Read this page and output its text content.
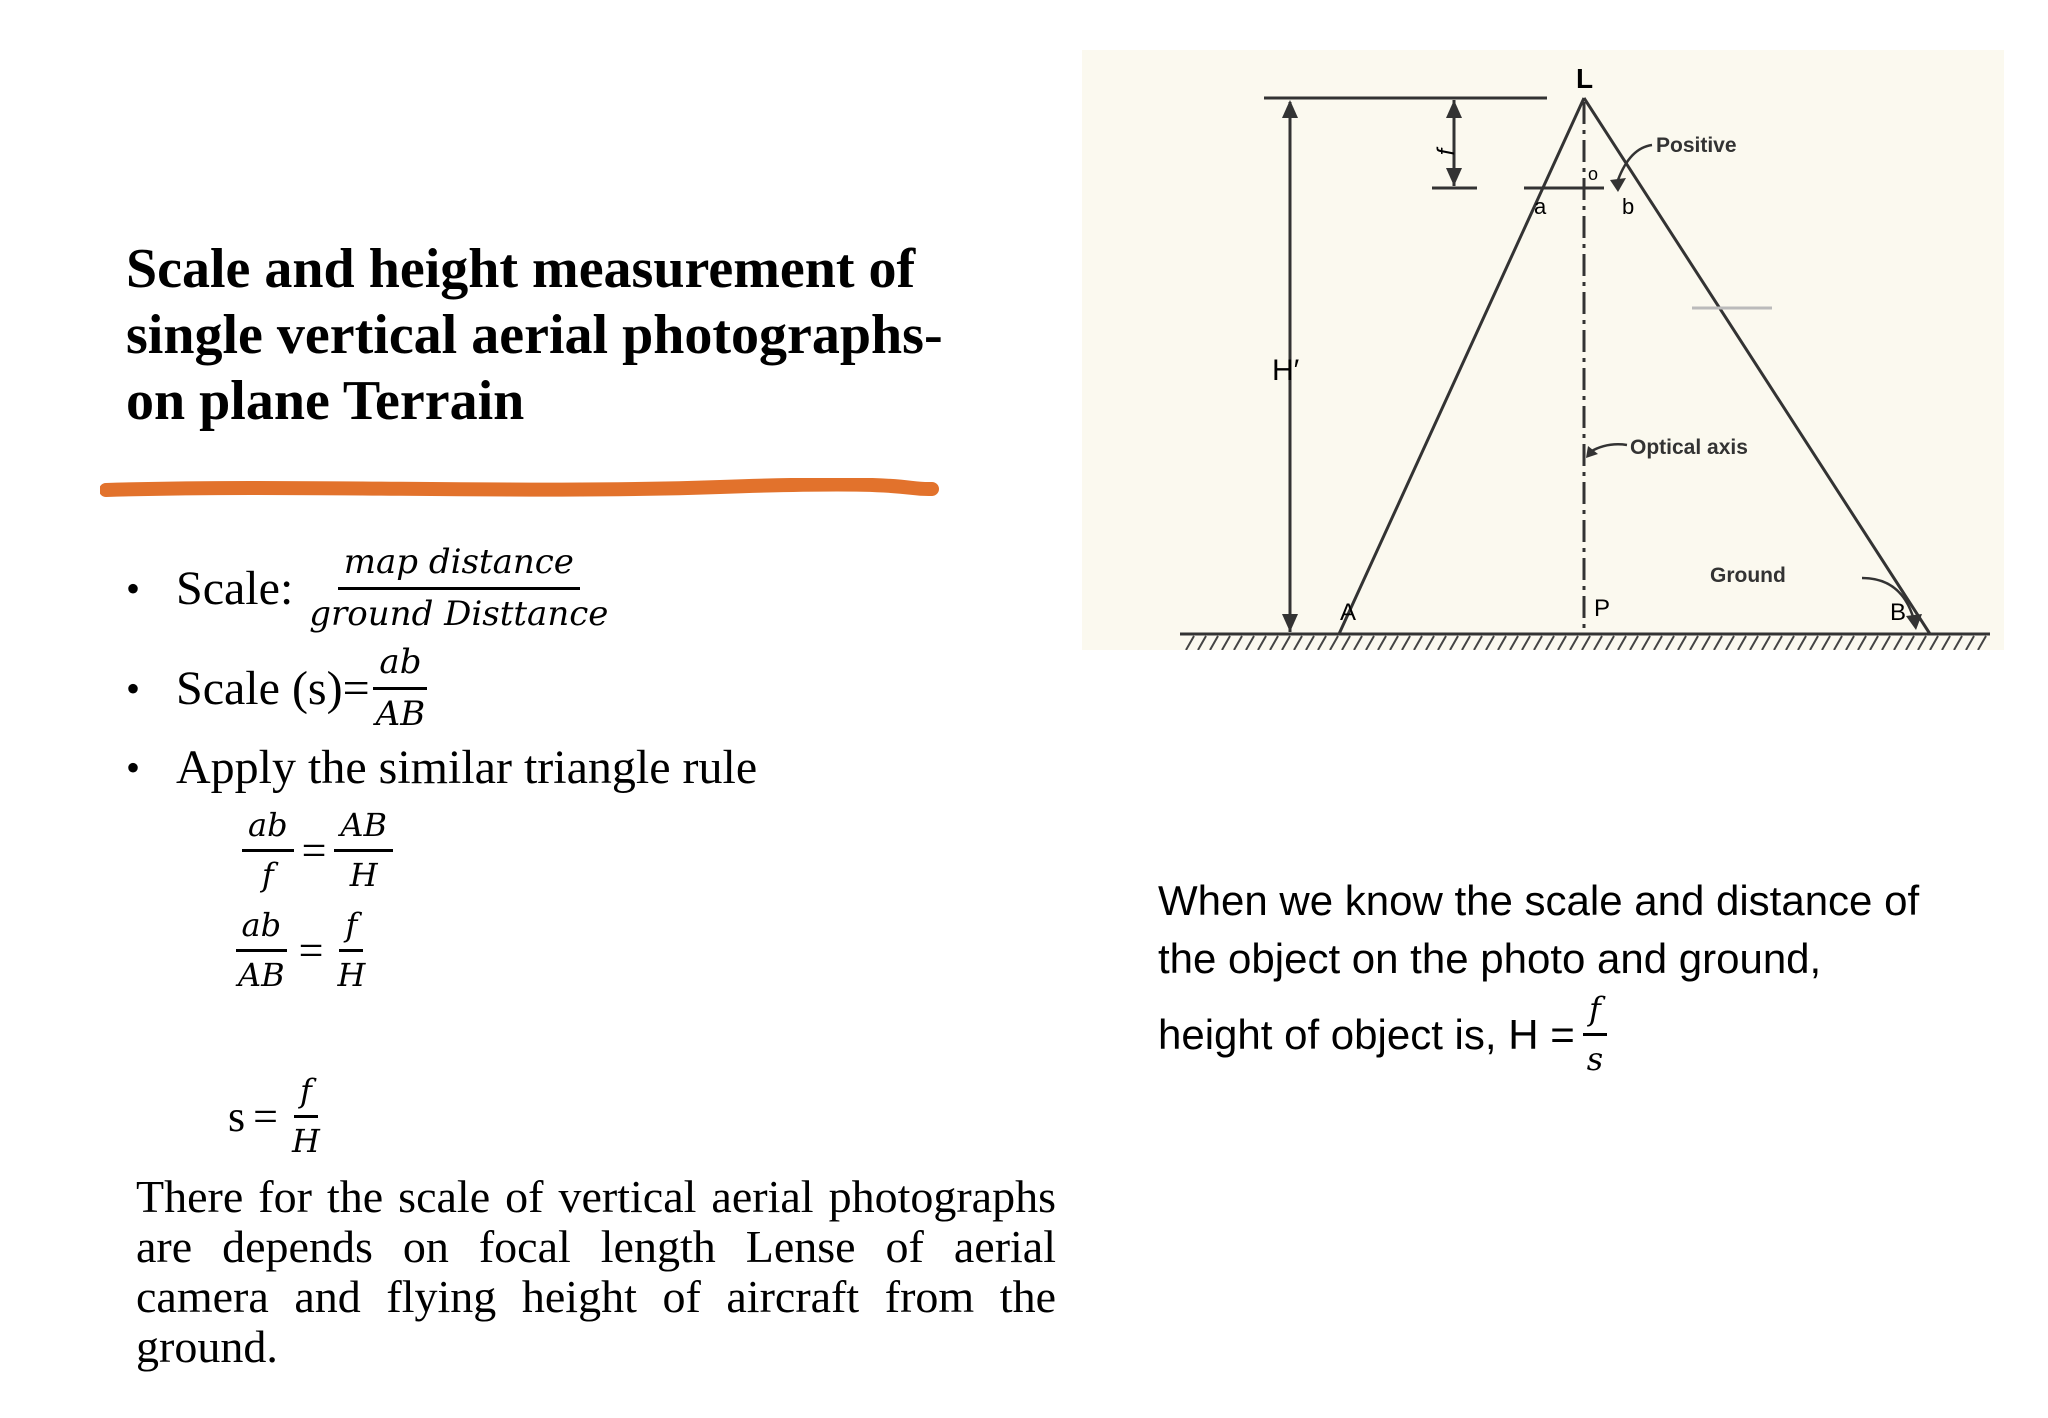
Scale and height measurement of single vertical aerial photographs-on plane Terrain
• Scale: $\frac{\text{map distance}}{\text{ground Disttance}}$
• Scale $(s)= \frac{ab}{AB}$
• Apply the similar triangle rule
$\frac{ab}{f} = \frac{AB}{H}$
$\frac{ab}{AB} = \frac{f}{H}$
$s = \frac{f}{H}$
There for the scale of vertical aerial photographs are depends on focal length Lense of aerial camera and flying height of aircraft from the ground.
L
f
H′
o
a	b
Positive
Optical axis
Ground
A	P	B
When we know the scale and distance of
the object on the photo and ground,
height of object is, $H = \frac{f}{s}$
